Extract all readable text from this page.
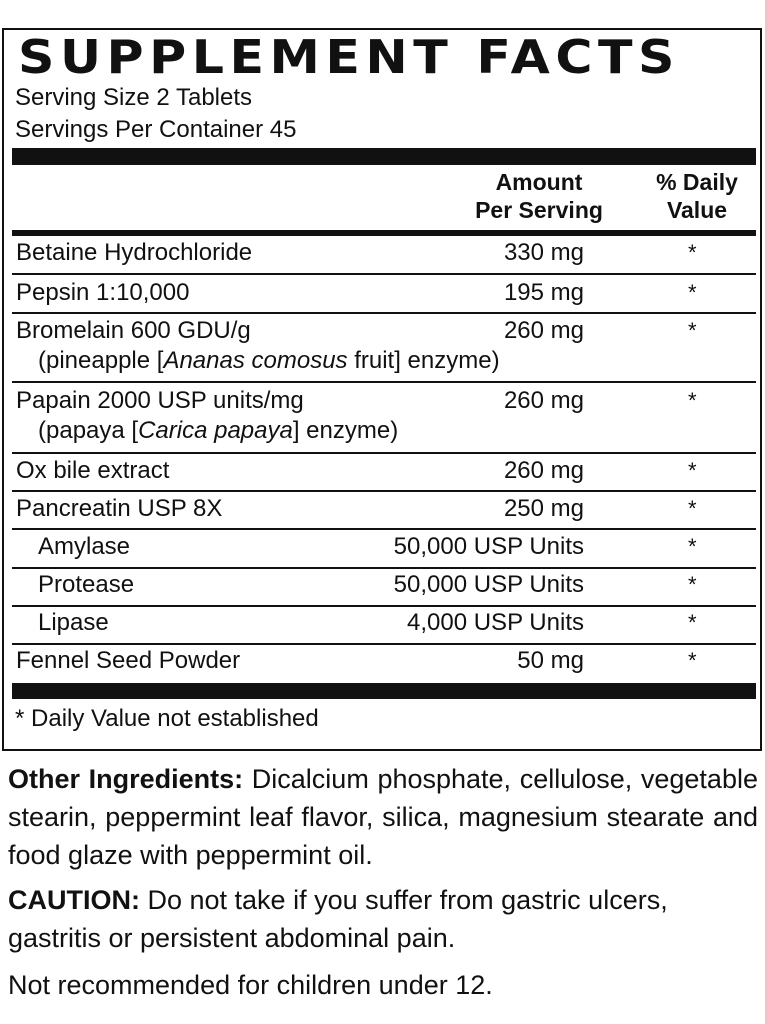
SUPPLEMENT FACTS
Serving Size 2 Tablets
Servings Per Container 45
Amount
Per Serving
% Daily
Value
Betaine Hydrochloride	330 mg	*
Pepsin 1:10,000	195 mg	*
Bromelain 600 GDU/g
(pineapple [Ananas comosus fruit] enzyme)
260 mg	*
Papain 2000 USP units/mg
(papaya [Carica papaya] enzyme)
260 mg	*
Ox bile extract	260 mg	*
Pancreatin USP 8X	250 mg	*
Amylase	50,000 USP Units	*
Protease	50,000 USP Units	*
Lipase	4,000 USP Units	*
Fennel Seed Powder	50 mg	*
* Daily Value not established

Other Ingredients: Dicalcium phosphate, cellulose, vegetable stearin, peppermint leaf flavor, silica, magnesium stearate and food glaze with peppermint oil.

CAUTION: Do not take if you suffer from gastric ulcers, gastritis or persistent abdominal pain.

Not recommended for children under 12.
